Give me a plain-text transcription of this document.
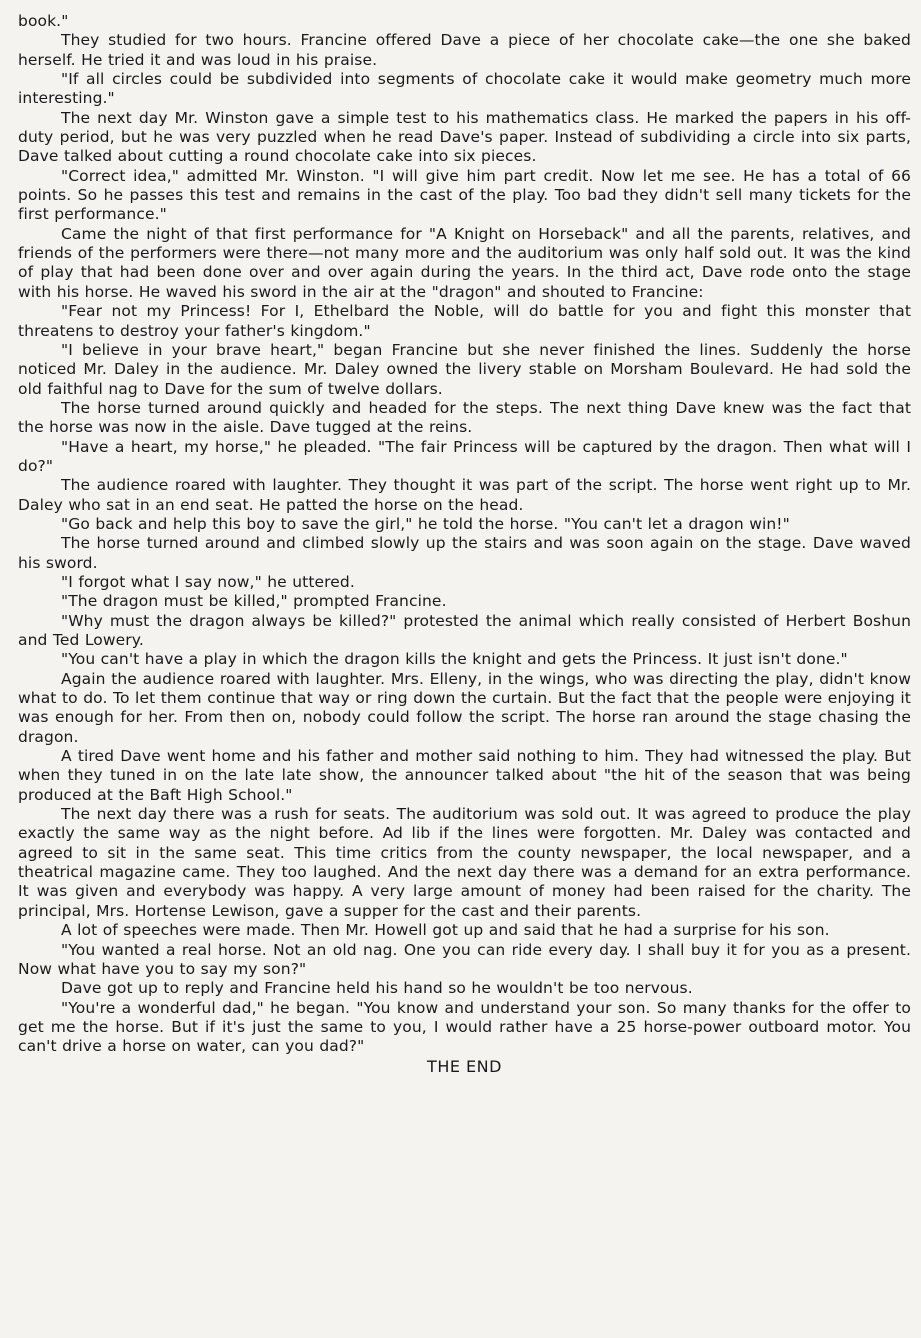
book."

They studied for two hours. Francine offered Dave a piece of her chocolate cake—the one she baked herself. He tried it and was loud in his praise.

"If all circles could be subdivided into segments of chocolate cake it would make geometry much more interesting."

The next day Mr. Winston gave a simple test to his mathematics class. He marked the papers in his off-duty period, but he was very puzzled when he read Dave's paper. Instead of subdividing a circle into six parts, Dave talked about cutting a round chocolate cake into six pieces.

"Correct idea," admitted Mr. Winston. "I will give him part credit. Now let me see. He has a total of 66 points. So he passes this test and remains in the cast of the play. Too bad they didn't sell many tickets for the first performance."

Came the night of that first performance for "A Knight on Horseback" and all the parents, relatives, and friends of the performers were there—not many more and the auditorium was only half sold out. It was the kind of play that had been done over and over again during the years. In the third act, Dave rode onto the stage with his horse. He waved his sword in the air at the "dragon" and shouted to Francine:

"Fear not my Princess! For I, Ethelbard the Noble, will do battle for you and fight this monster that threatens to destroy your father's kingdom."

"I believe in your brave heart," began Francine but she never finished the lines. Suddenly the horse noticed Mr. Daley in the audience. Mr. Daley owned the livery stable on Morsham Boulevard. He had sold the old faithful nag to Dave for the sum of twelve dollars.

The horse turned around quickly and headed for the steps. The next thing Dave knew was the fact that the horse was now in the aisle. Dave tugged at the reins.

"Have a heart, my horse," he pleaded. "The fair Princess will be captured by the dragon. Then what will I do?"

The audience roared with laughter. They thought it was part of the script. The horse went right up to Mr. Daley who sat in an end seat. He patted the horse on the head.

"Go back and help this boy to save the girl," he told the horse. "You can't let a dragon win!"

The horse turned around and climbed slowly up the stairs and was soon again on the stage. Dave waved his sword.

"I forgot what I say now," he uttered.

"The dragon must be killed," prompted Francine.

"Why must the dragon always be killed?" protested the animal which really consisted of Herbert Boshun and Ted Lowery.

"You can't have a play in which the dragon kills the knight and gets the Princess. It just isn't done."

Again the audience roared with laughter. Mrs. Elleny, in the wings, who was directing the play, didn't know what to do. To let them continue that way or ring down the curtain. But the fact that the people were enjoying it was enough for her. From then on, nobody could follow the script. The horse ran around the stage chasing the dragon.

A tired Dave went home and his father and mother said nothing to him. They had witnessed the play. But when they tuned in on the late late show, the announcer talked about "the hit of the season that was being produced at the Baft High School."

The next day there was a rush for seats. The auditorium was sold out. It was agreed to produce the play exactly the same way as the night before. Ad lib if the lines were forgotten. Mr. Daley was contacted and agreed to sit in the same seat. This time critics from the county newspaper, the local newspaper, and a theatrical magazine came. They too laughed. And the next day there was a demand for an extra performance. It was given and everybody was happy. A very large amount of money had been raised for the charity. The principal, Mrs. Hortense Lewison, gave a supper for the cast and their parents.

A lot of speeches were made. Then Mr. Howell got up and said that he had a surprise for his son.

"You wanted a real horse. Not an old nag. One you can ride every day. I shall buy it for you as a present. Now what have you to say my son?"

Dave got up to reply and Francine held his hand so he wouldn't be too nervous.

"You're a wonderful dad," he began. "You know and understand your son. So many thanks for the offer to get me the horse. But if it's just the same to you, I would rather have a 25 horse-power outboard motor. You can't drive a horse on water, can you dad?"

THE END
